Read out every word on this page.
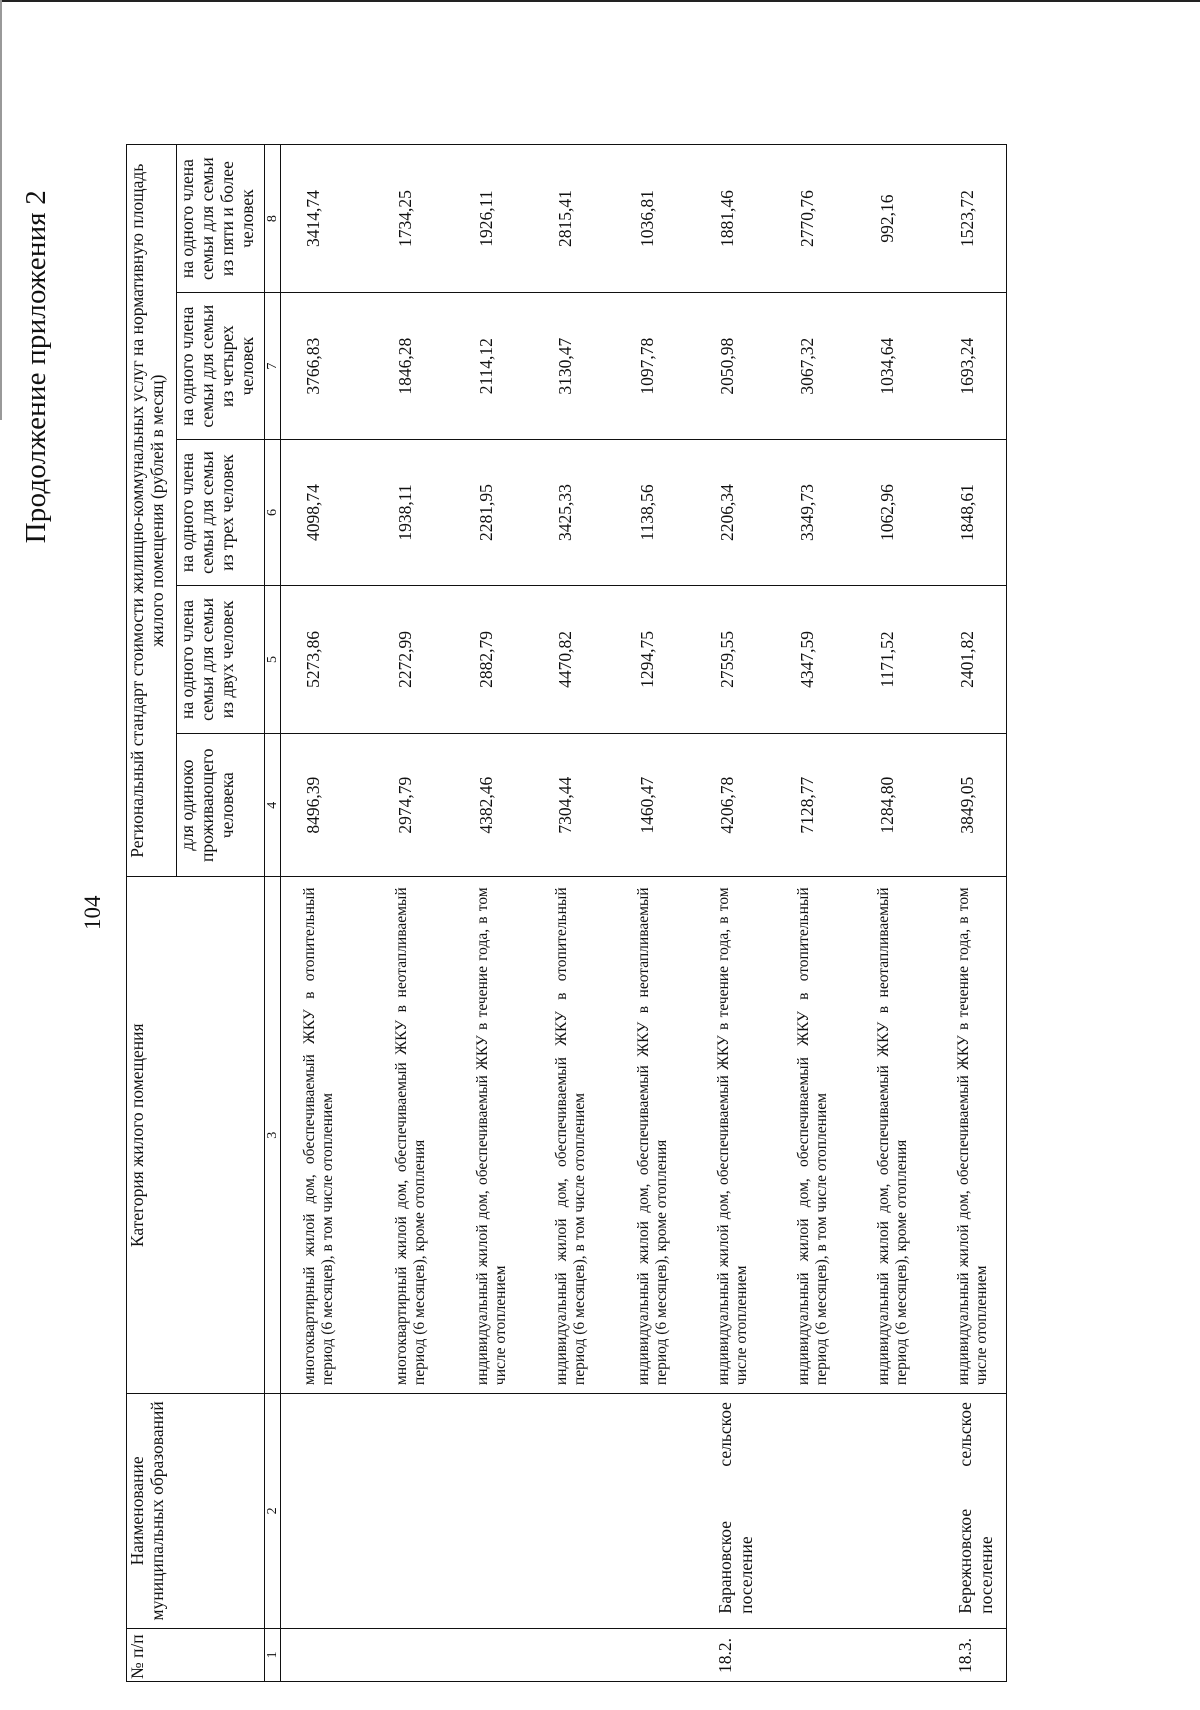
Продолжение приложения 2
104
№ п/п	Наименование муниципальных образований	Категория жилого помещения	Региональный стандарт стоимости жилищно-коммунальных услуг на нормативную площадь жилого помещения (рублей в месяц)				
			для одиноко проживающего человека	на одного члена семьи для семьи из двух человек	на одного члена семьи для семьи из трех человек	на одного члена семьи для семьи из четырех человек	на одного члена семьи для семьи из пяти и более человек
1	2	3	4	5	6	7	8
		многоквартирный жилой дом, обеспечиваемый ЖКУ в отопительный период (6 месяцев), в том числе отоплением	8496,39	5273,86	4098,74	3766,83	3414,74
		многоквартирный жилой дом, обеспечиваемый ЖКУ в неотапливаемый период (6 месяцев), кроме отопления	2974,79	2272,99	1938,11	1846,28	1734,25
		индивидуальный жилой дом, обеспечиваемый ЖКУ в течение года, в том числе отоплением	4382,46	2882,79	2281,95	2114,12	1926,11
		индивидуальный жилой дом, обеспечиваемый ЖКУ в отопительный период (6 месяцев), в том числе отоплением	7304,44	4470,82	3425,33	3130,47	2815,41
		индивидуальный жилой дом, обеспечиваемый ЖКУ в неотапливаемый период (6 месяцев), кроме отопления	1460,47	1294,75	1138,56	1097,78	1036,81
18.2.	Барановское сельское поселение	индивидуальный жилой дом, обеспечиваемый ЖКУ в течение года, в том числе отоплением	4206,78	2759,55	2206,34	2050,98	1881,46
		индивидуальный жилой дом, обеспечиваемый ЖКУ в отопительный период (6 месяцев), в том числе отоплением	7128,77	4347,59	3349,73	3067,32	2770,76
		индивидуальный жилой дом, обеспечиваемый ЖКУ в неотапливаемый период (6 месяцев), кроме отопления	1284,80	1171,52	1062,96	1034,64	992,16
18.3.	Бережновское сельское поселение	индивидуальный жилой дом, обеспечиваемый ЖКУ в течение года, в том числе отоплением	3849,05	2401,82	1848,61	1693,24	1523,72
